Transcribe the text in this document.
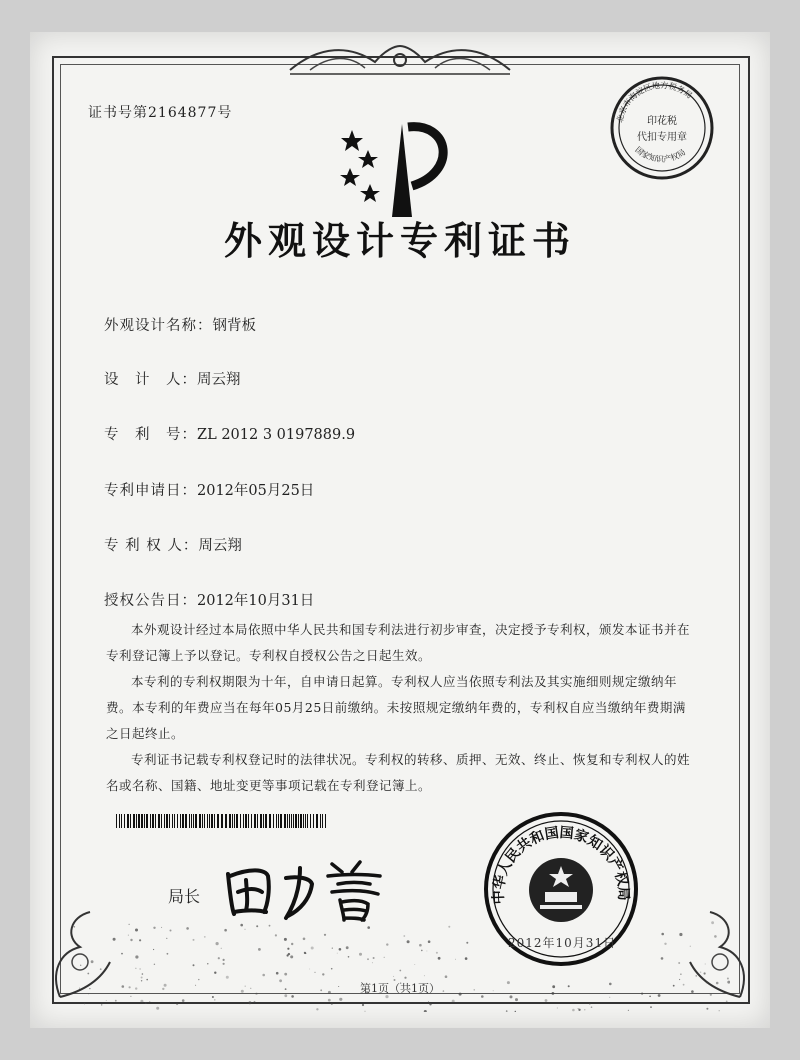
证书号第2164877号
印花税
代扣专用章
北京市海淀区地方税务局
国家知识产权局
外观设计专利证书
外观设计名称：钢背板
设　计　人：周云翔
专　利　号：ZL 2012 3 0197889.9
专利申请日：2012年05月25日
专 利 权 人：周云翔
授权公告日：2012年10月31日

本外观设计经过本局依照中华人民共和国专利法进行初步审查，决定授予专利权，颁发本证书并在专利登记簿上予以登记。专利权自授权公告之日起生效。

本专利的专利权期限为十年，自申请日起算。专利权人应当依照专利法及其实施细则规定缴纳年费。本专利的年费应当在每年05月25日前缴纳。未按照规定缴纳年费的，专利权自应当缴纳年费期满之日起终止。

专利证书记载专利权登记时的法律状况。专利权的转移、质押、无效、终止、恢复和专利权人的姓名或名称、国籍、地址变更等事项记载在专利登记簿上。

局长	中华人民共和国国家知识产权局
2012年10月31日
第1页（共1页）
